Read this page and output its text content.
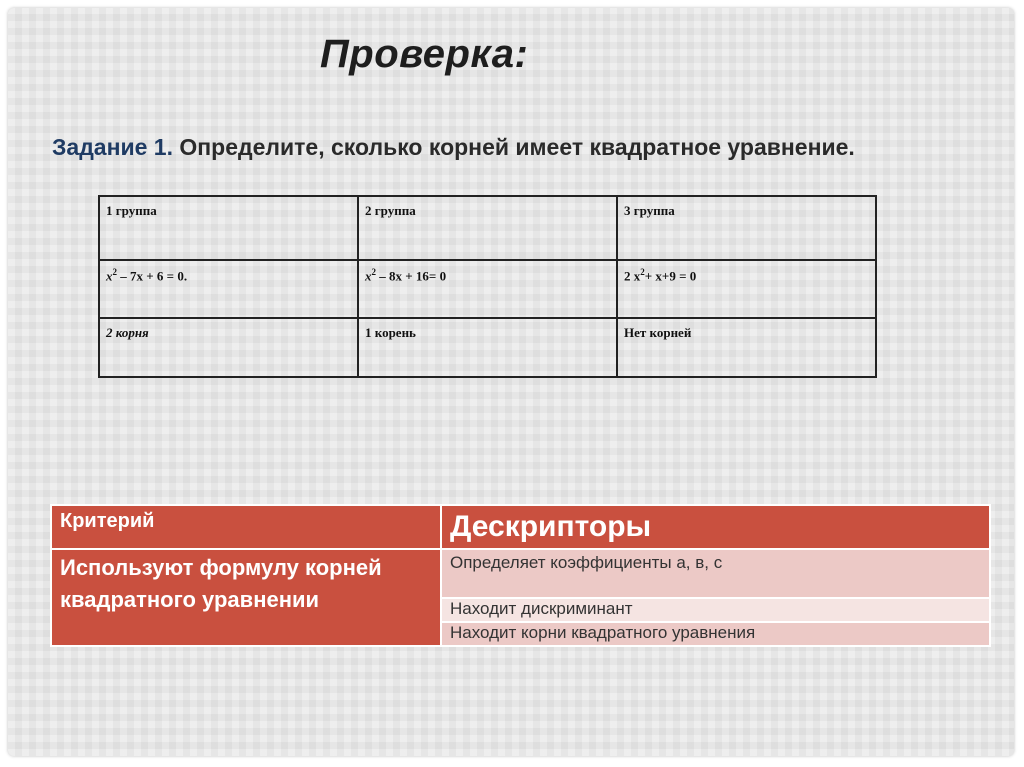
Проверка:
Задание 1. Определите, сколько корней имеет квадратное уравнение.
1 группа	2 группа	3 группа
$x^2 - 7x + 6 = 0$.	$x^2 - 8x + 16= 0$	2 $x^2+ x+9 = 0$
2 корня	1 корень	Нет корней
Критерий	Дескрипторы
Используют формулу корней квадратного уравнении	Определяет коэффициенты а, в, с
	Находит дискриминант
	Находит корни квадратного уравнения
